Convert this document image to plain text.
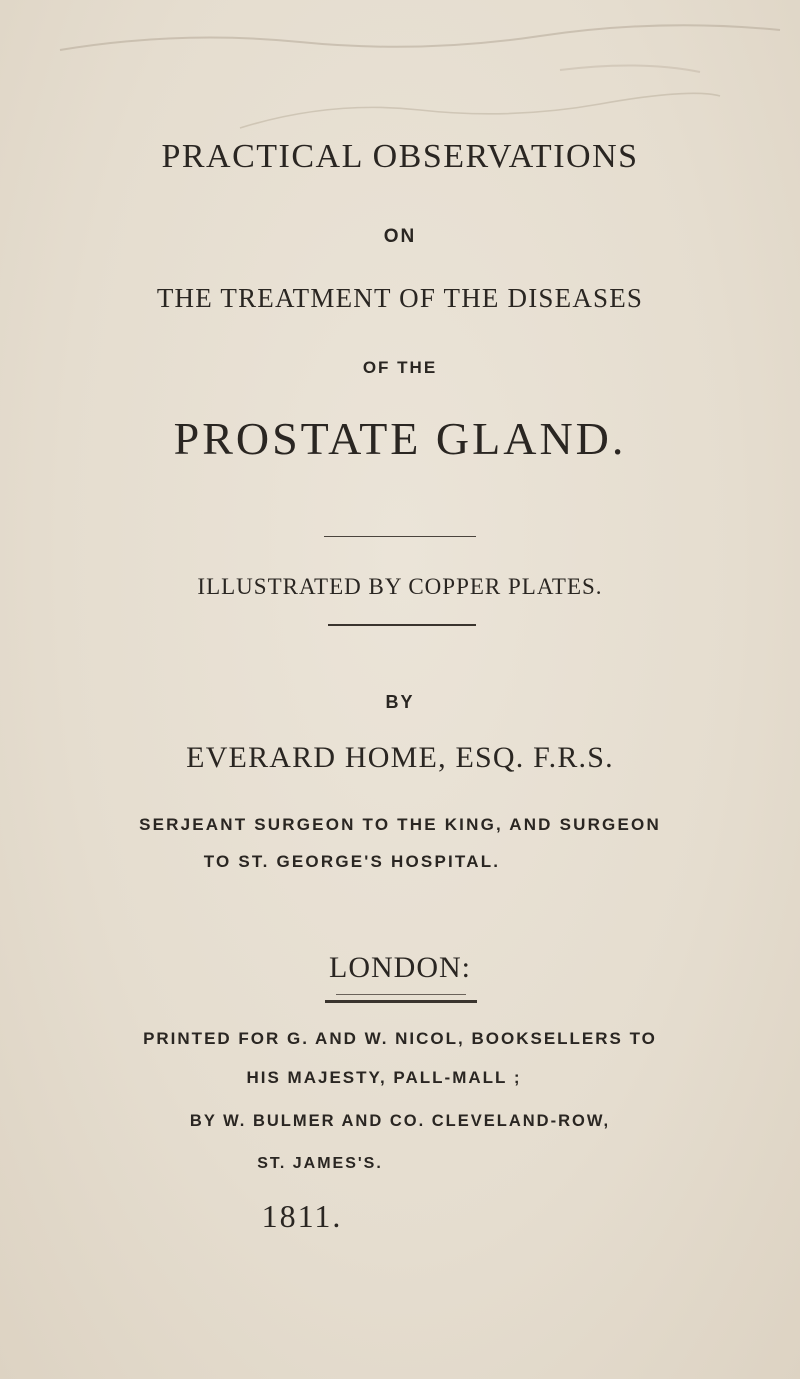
PRACTICAL OBSERVATIONS
ON
THE TREATMENT OF THE DISEASES
OF THE
PROSTATE GLAND.
ILLUSTRATED BY COPPER PLATES.
BY
EVERARD HOME, ESQ. F.R.S.
SERJEANT SURGEON TO THE KING, AND SURGEON
TO ST. GEORGE'S HOSPITAL.
LONDON:
PRINTED FOR G. AND W. NICOL, BOOKSELLERS TO
HIS MAJESTY, PALL-MALL ;
BY W. BULMER AND CO. CLEVELAND-ROW,
ST. JAMES'S.
1811.
